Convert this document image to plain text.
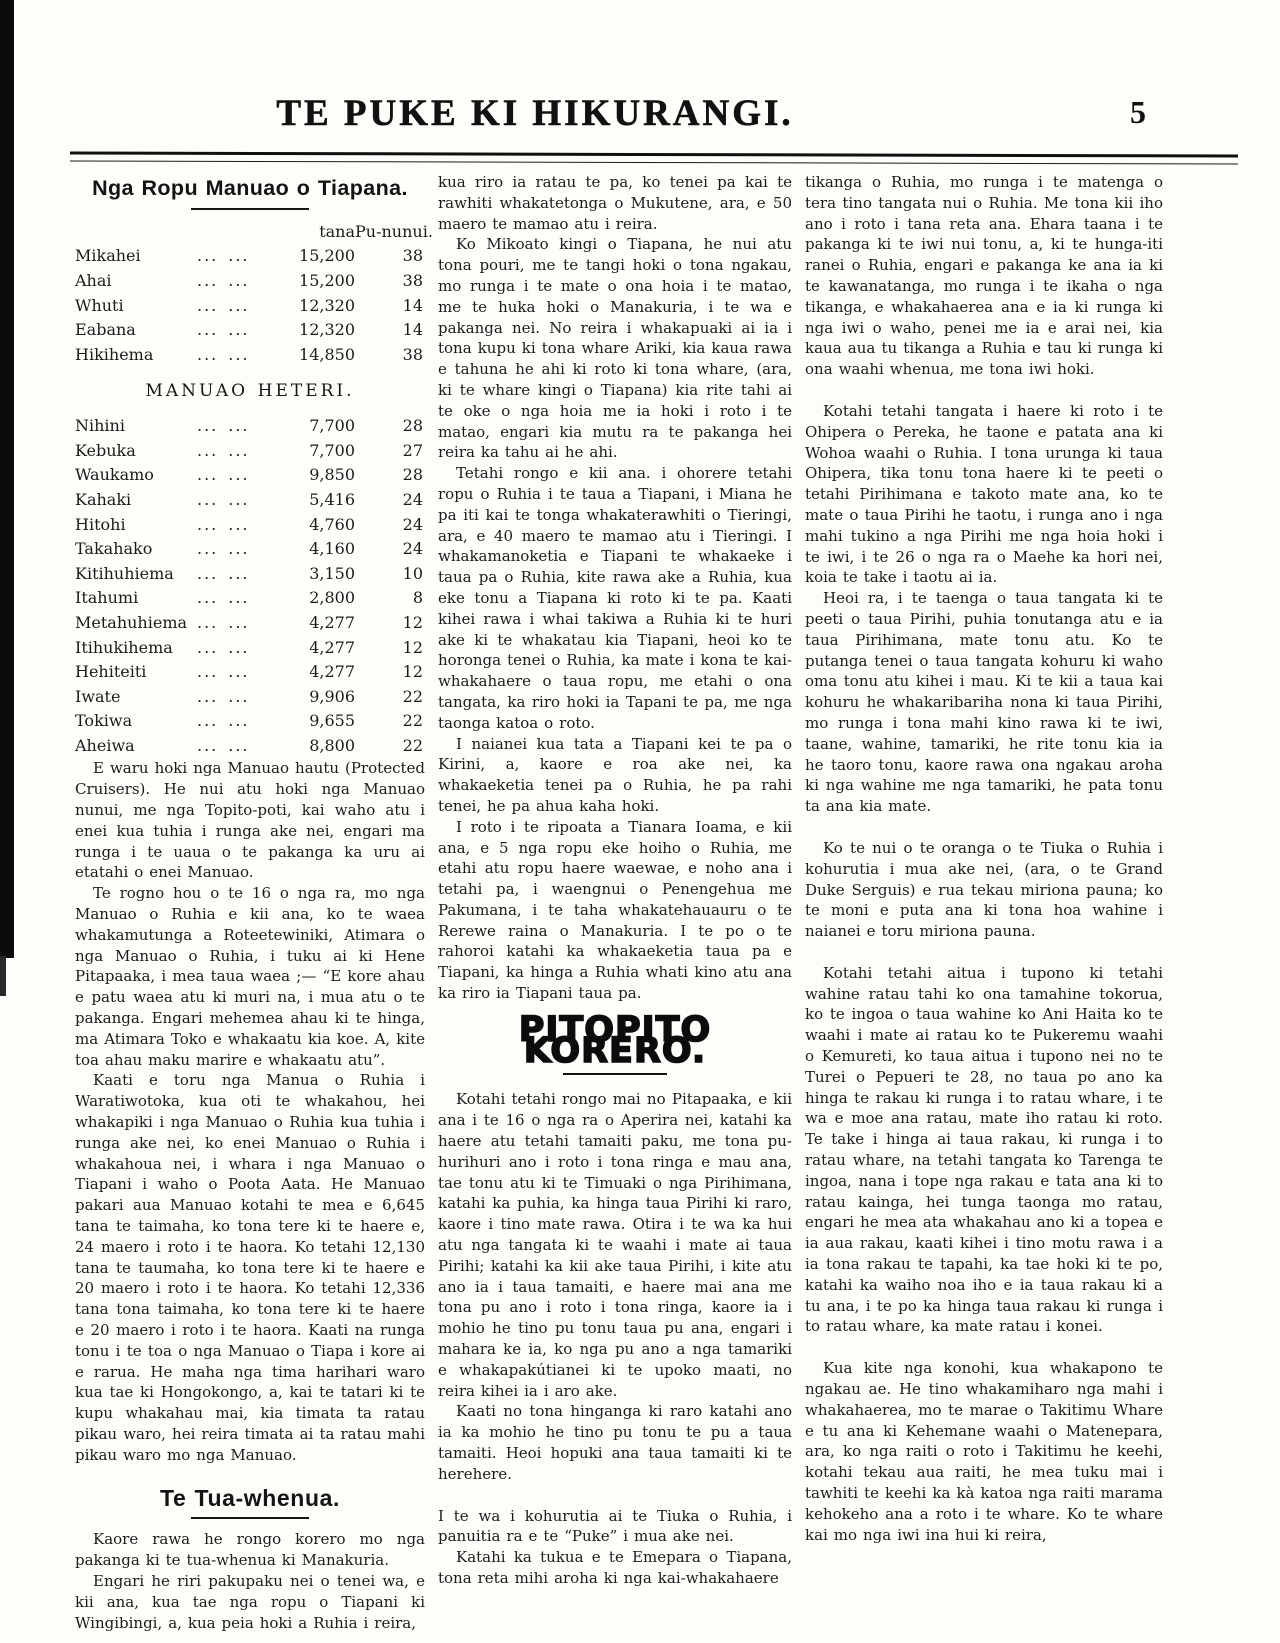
TE PUKE KI HIKURANGI.	5
Nga Ropu Manuao o Tiapana.
tana Pu-nunui.
Mikahei	... ...	15,200	38
Ahai	... ...	15,200	38
Whuti	... ...	12,320	14
Eabana	... ...	12,320	14
Hikihema	... ...	14,850	38
MANUAO HETERI.
Nihini	... ...	7,700	28
Kebuka	... ...	7,700	27
Waukamo	... ...	9,850	28
Kahaki	... ...	5,416	24
Hitohi	... ...	4,760	24
Takahako	... ...	4,160	24
Kitihuhiema	... ...	3,150	10
Itahumi	... ...	2,800	8
Metahuhiema ... ...	4,277	12
Itihukihema	... ...	4,277	12
Hehiteiti	... ...	4,277	12
Iwate	... ...	9,906	22
Tokiwa	... ...	9,655	22
Aheiwa	... ...	8,800	22

E waru hoki nga Manuao hautu (Protected Cruisers). He nui atu hoki nga Manuao nunui, me nga Topito-poti, kai waho atu i enei kua tuhia i runga ake nei, engari ma runga i te uaua o te pakanga ka uru ai etatahi o enei Manuao.

Te rogno hou o te 16 o nga ra, mo nga Manuao o Ruhia e kii ana, ko te waea whakamutunga a Roteetewiniki, Atimara o nga Manuao o Ruhia, i tuku ai ki Hene Pitapaaka, i mea taua waea ;— “E kore ahau e patu waea atu ki muri na, i mua atu o te pakanga. Engari mehemea ahau ki te hinga, ma Atimara Toko e whakaatu kia koe. A, kite toa ahau maku marire e whakaatu atu”.

Kaati e toru nga Manua o Ruhia i Waratiwotoka, kua oti te whakahou, hei whakapiki i nga Manuao o Ruhia kua tuhia i runga ake nei, ko enei Manuao o Ruhia i whakahoua nei, i whara i nga Manuao o Tiapani i waho o Poota Aata. He Manuao pakari aua Manuao kotahi te mea e 6,645 tana te taimaha, ko tona tere ki te haere e, 24 maero i roto i te haora. Ko tetahi 12,130 tana te taumaha, ko tona tere ki te haere e 20 maero i roto i te haora. Ko tetahi 12,336 tana tona taimaha, ko tona tere ki te haere e 20 maero i roto i te haora. Kaati na runga tonu i te toa o nga Manuao o Tiapa i kore ai e rarua. He maha nga tima harihari waro kua tae ki Hongokongo, a, kai te tatari ki te kupu whakahau mai, kia timata ta ratau pikau waro, hei reira timata ai ta ratau mahi pikau waro mo nga Manuao.

Te Tua-whenua.

Kaore rawa he rongo korero mo nga pakanga ki te tua-whenua ki Manakuria.

Engari he riri pakupaku nei o tenei wa, e kii ana, kua tae nga ropu o Tiapani ki Wingibingi, a, kua peia hoki a Ruhia i reira,

kua riro ia ratau te pa, ko tenei pa kai te rawhiti whakatetonga o Mukutene, ara, e 50 maero te mamao atu i reira.

Ko Mikoato kingi o Tiapana, he nui atu tona pouri, me te tangi hoki o tona ngakau, mo runga i te mate o ona hoia i te matao, me te huka hoki o Manakuria, i te wa e pakanga nei. No reira i whakapuaki ai ia i tona kupu ki tona whare Ariki, kia kaua rawa e tahuna he ahi ki roto ki tona whare, (ara, ki te whare kingi o Tiapana) kia rite tahi ai te oke o nga hoia me ia hoki i roto i te matao, engari kia mutu ra te pakanga hei reira ka tahu ai he ahi.

Tetahi rongo e kii ana. i ohorere tetahi ropu o Ruhia i te taua a Tiapani, i Miana he pa iti kai te tonga whakaterawhiti o Tieringi, ara, e 40 maero te mamao atu i Tieringi. I whakamanoketia e Tiapani te whakaeke i taua pa o Ruhia, kite rawa ake a Ruhia, kua eke tonu a Tiapana ki roto ki te pa. Kaati kihei rawa i whai takiwa a Ruhia ki te huri ake ki te whakatau kia Tiapani, heoi ko te horonga tenei o Ruhia, ka mate i kona te kai-whakahaere o taua ropu, me etahi o ona tangata, ka riro hoki ia Tapani te pa, me nga taonga katoa o roto.

I naianei kua tata a Tiapani kei te pa o Kirini, a, kaore e roa ake nei, ka whakaeketia tenei pa o Ruhia, he pa rahi tenei, he pa ahua kaha hoki.

I roto i te ripoata a Tianara Ioama, e kii ana, e 5 nga ropu eke hoiho o Ruhia, me etahi atu ropu haere waewae, e noho ana i tetahi pa, i waengnui o Penengehua me Pakumana, i te taha whakatehauauru o te Rerewe raina o Manakuria. I te po o te rahoroi katahi ka whakaeketia taua pa e Tiapani, ka hinga a Ruhia whati kino atu ana ka riro ia Tiapani taua pa.

PITOPITO KORERO.

Kotahi tetahi rongo mai no Pitapaaka, e kii ana i te 16 o nga ra o Aperira nei, katahi ka haere atu tetahi tamaiti paku, me tona pu-hurihuri ano i roto i tona ringa e mau ana, tae tonu atu ki te Timuaki o nga Pirihimana, katahi ka puhia, ka hinga taua Pirihi ki raro, kaore i tino mate rawa. Otira i te wa ka hui atu nga tangata ki te waahi i mate ai taua Pirihi; katahi ka kii ake taua Pirihi, i kite atu ano ia i taua tamaiti, e haere mai ana me tona pu ano i roto i tona ringa, kaore ia i mohio he tino pu tonu taua pu ana, engari i mahara ke ia, ko nga pu ano a nga tamariki e whakapakútianei ki te upoko maati, no reira kihei ia i aro ake.

Kaati no tona hinganga ki raro katahi ano ia ka mohio he tino pu tonu te pu a taua tamaiti. Heoi hopuki ana taua tamaiti ki te herehere.

I te wa i kohurutia ai te Tiuka o Ruhia, i panuitia ra e te “Puke” i mua ake nei.

Katahi ka tukua e te Emepara o Tiapana, tona reta mihi aroha ki nga kai-whakahaere

tikanga o Ruhia, mo runga i te matenga o tera tino tangata nui o Ruhia. Me tona kii iho ano i roto i tana reta ana. Ehara taana i te pakanga ki te iwi nui tonu, a, ki te hunga-iti ranei o Ruhia, engari e pakanga ke ana ia ki te kawanatanga, mo runga i te ikaha o nga tikanga, e whakahaerea ana e ia ki runga ki nga iwi o waho, penei me ia e arai nei, kia kaua aua tu tikanga a Ruhia e tau ki runga ki ona waahi whenua, me tona iwi hoki.

Kotahi tetahi tangata i haere ki roto i te Ohipera o Pereka, he taone e patata ana ki Wohoa waahi o Ruhia. I tona urunga ki taua Ohipera, tika tonu tona haere ki te peeti o tetahi Pirihimana e takoto mate ana, ko te mate o taua Pirihi he taotu, i runga ano i nga mahi tukino a nga Pirihi me nga hoia hoki i te iwi, i te 26 o nga ra o Maehe ka hori nei, koia te take i taotu ai ia.

Heoi ra, i te taenga o taua tangata ki te peeti o taua Pirihi, puhia tonutanga atu e ia taua Pirihimana, mate tonu atu. Ko te putanga tenei o taua tangata kohuru ki waho oma tonu atu kihei i mau. Ki te kii a taua kai kohuru he whakaribariha nona ki taua Pirihi, mo runga i tona mahi kino rawa ki te iwi, taane, wahine, tamariki, he rite tonu kia ia he taoro tonu, kaore rawa ona ngakau aroha ki nga wahine me nga tamariki, he pata tonu ta ana kia mate.

Ko te nui o te oranga o te Tiuka o Ruhia i kohurutia i mua ake nei, (ara, o te Grand Duke Serguis) e rua tekau miriona pauna; ko te moni e puta ana ki tona hoa wahine i naianei e toru miriona pauna.

Kotahi tetahi aitua i tupono ki tetahi wahine ratau tahi ko ona tamahine tokorua, ko te ingoa o taua wahine ko Ani Haita ko te waahi i mate ai ratau ko te Pukeremu waahi o Kemureti, ko taua aitua i tupono nei no te Turei o Pepueri te 28, no taua po ano ka hinga te rakau ki runga i to ratau whare, i te wa e moe ana ratau, mate iho ratau ki roto. Te take i hinga ai taua rakau, ki runga i to ratau whare, na tetahi tangata ko Tarenga te ingoa, nana i tope nga rakau e tata ana ki to ratau kainga, hei tunga taonga mo ratau, engari he mea ata whakahau ano ki a topea e ia aua rakau, kaati kihei i tino motu rawa i a ia tona rakau te tapahi, ka tae hoki ki te po, katahi ka waiho noa iho e ia taua rakau ki a tu ana, i te po ka hinga taua rakau ki runga i to ratau whare, ka mate ratau i konei.

Kua kite nga konohi, kua whakapono te ngakau ae. He tino whakamiharo nga mahi i whakahaerea, mo te marae o Takitimu Whare e tu ana ki Kehemane waahi o Matenepara, ara, ko nga raiti o roto i Takitimu he keehi, kotahi tekau aua raiti, he mea tuku mai i tawhiti te keehi ka kà katoa nga raiti marama kehokeho ana a roto i te whare. Ko te whare kai mo nga iwi ina hui ki reira,
